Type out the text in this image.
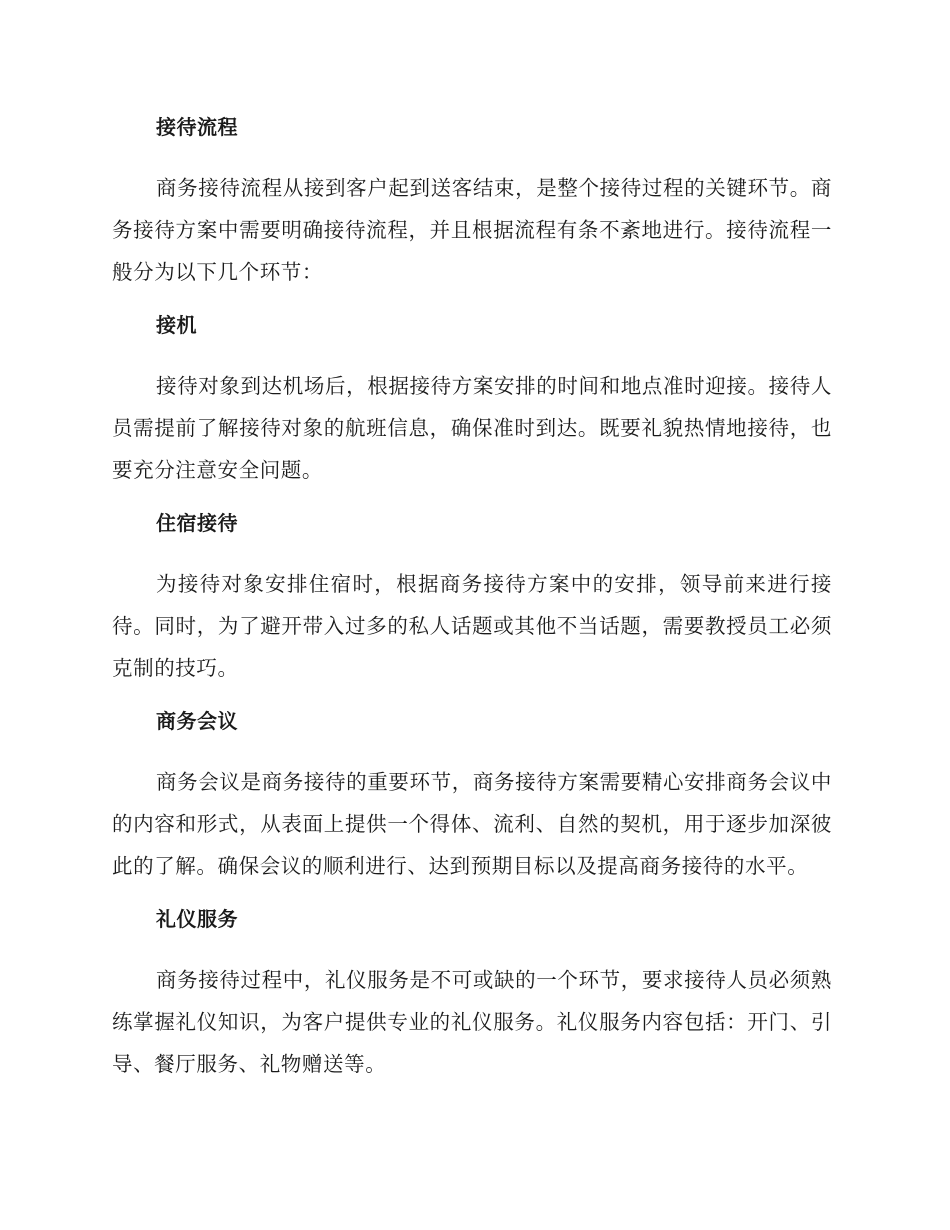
接待流程

商务接待流程从接到客户起到送客结束，是整个接待过程的关键环节。商务接待方案中需要明确接待流程，并且根据流程有条不紊地进行。接待流程一般分为以下几个环节：

接机

接待对象到达机场后，根据接待方案安排的时间和地点准时迎接。接待人员需提前了解接待对象的航班信息，确保准时到达。既要礼貌热情地接待，也要充分注意安全问题。

住宿接待

为接待对象安排住宿时，根据商务接待方案中的安排，领导前来进行接待。同时，为了避开带入过多的私人话题或其他不当话题，需要教授员工必须克制的技巧。

商务会议

商务会议是商务接待的重要环节，商务接待方案需要精心安排商务会议中的内容和形式，从表面上提供一个得体、流利、自然的契机，用于逐步加深彼此的了解。确保会议的顺利进行、达到预期目标以及提高商务接待的水平。

礼仪服务

商务接待过程中，礼仪服务是不可或缺的一个环节，要求接待人员必须熟练掌握礼仪知识，为客户提供专业的礼仪服务。礼仪服务内容包括：开门、引导、餐厅服务、礼物赠送等。
